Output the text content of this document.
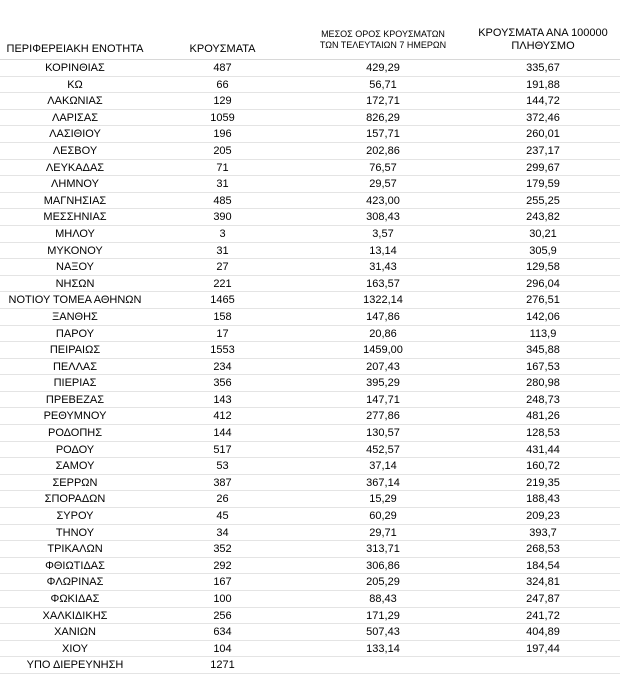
ΠΕΡΙΦΕΡΕΙΑΚΗ ΕΝΟΤΗΤΑ	ΚΡΟΥΣΜΑΤΑ
ΜΕΣΟΣ ΟΡΟΣ ΚΡΟΥΣΜΑΤΩΝ
ΤΩΝ ΤΕΛΕΥΤΑΙΩΝ 7 ΗΜΕΡΩΝ
ΚΡΟΥΣΜΑΤΑ ΑΝΑ 100000
ΠΛΗΘΥΣΜΟ
ΚΟΡΙΝΘΙΑΣ	487	429,29	335,67
ΚΩ	66	56,71	191,88
ΛΑΚΩΝΙΑΣ	129	172,71	144,72
ΛΑΡΙΣΑΣ	1059	826,29	372,46
ΛΑΣΙΘΙΟΥ	196	157,71	260,01
ΛΕΣΒΟΥ	205	202,86	237,17
ΛΕΥΚΑΔΑΣ	71	76,57	299,67
ΛΗΜΝΟΥ	31	29,57	179,59
ΜΑΓΝΗΣΙΑΣ	485	423,00	255,25
ΜΕΣΣΗΝΙΑΣ	390	308,43	243,82
ΜΗΛΟΥ	3	3,57	30,21
ΜΥΚΟΝΟΥ	31	13,14	305,9
ΝΑΞΟΥ	27	31,43	129,58
ΝΗΣΩΝ	221	163,57	296,04
ΝΟΤΙΟΥ ΤΟΜΕΑ ΑΘΗΝΩΝ	1465	1322,14	276,51
ΞΑΝΘΗΣ	158	147,86	142,06
ΠΑΡΟΥ	17	20,86	113,9
ΠΕΙΡΑΙΩΣ	1553	1459,00	345,88
ΠΕΛΛΑΣ	234	207,43	167,53
ΠΙΕΡΙΑΣ	356	395,29	280,98
ΠΡΕΒΕΖΑΣ	143	147,71	248,73
ΡΕΘΥΜΝΟΥ	412	277,86	481,26
ΡΟΔΟΠΗΣ	144	130,57	128,53
ΡΟΔΟΥ	517	452,57	431,44
ΣΑΜΟΥ	53	37,14	160,72
ΣΕΡΡΩΝ	387	367,14	219,35
ΣΠΟΡΑΔΩΝ	26	15,29	188,43
ΣΥΡΟΥ	45	60,29	209,23
ΤΗΝΟΥ	34	29,71	393,7
ΤΡΙΚΑΛΩΝ	352	313,71	268,53
ΦΘΙΩΤΙΔΑΣ	292	306,86	184,54
ΦΛΩΡΙΝΑΣ	167	205,29	324,81
ΦΩΚΙΔΑΣ	100	88,43	247,87
ΧΑΛΚΙΔΙΚΗΣ	256	171,29	241,72
ΧΑΝΙΩΝ	634	507,43	404,89
ΧΙΟΥ	104	133,14	197,44
ΥΠΟ ΔΙΕΡΕΥΝΗΣΗ	1271
